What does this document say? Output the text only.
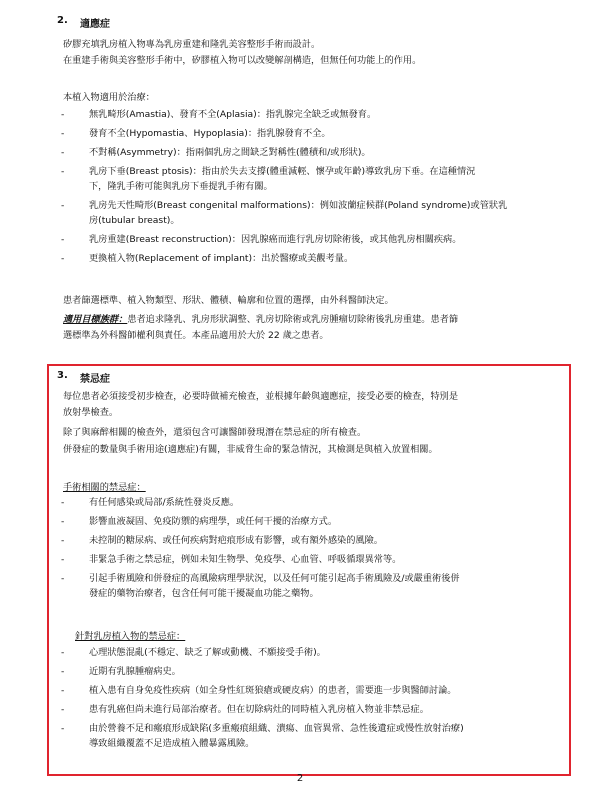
2. 適應症
矽膠充填乳房植入物專為乳房重建和隆乳美容整形手術而設計。
在重建手術與美容整形手術中，矽膠植入物可以改變解剖構造，但無任何功能上的作用。
本植入物適用於治療：
-	無乳畸形(Amastia)、發育不全(Aplasia)：指乳腺完全缺乏或無發育。
-	發育不全(Hypomastia、Hypoplasia)：指乳腺發育不全。
-	不對稱(Asymmetry)：指兩個乳房之間缺乏對稱性(體積和/或形狀)。
-	乳房下垂(Breast ptosis)：指由於失去支撐(體重減輕、懷孕或年齡)導致乳房下垂。在這種情況
下，隆乳手術可能與乳房下垂提乳手術有關。
-	乳房先天性畸形(Breast congenital malformations)：例如波蘭症候群(Poland syndrome)或管狀乳
房(tubular breast)。
-	乳房重建(Breast reconstruction)：因乳腺癌而進行乳房切除術後，或其他乳房相關疾病。
-	更換植入物(Replacement of implant)：出於醫療或美觀考量。
患者篩選標準、植入物類型、形狀、體積、輪廓和位置的選擇，由外科醫師決定。
適用目標族群：患者追求隆乳、乳房形狀調整、乳房切除術或乳房腫瘤切除術後乳房重建。患者篩
選標準為外科醫師權利與責任。本產品適用於大於 22 歲之患者。
3. 禁忌症
每位患者必須接受初步檢查，必要時做補充檢查，並根據年齡與適應症，接受必要的檢查，特別是
放射學檢查。
除了與麻醉相關的檢查外，還須包含可讓醫師發現潛在禁忌症的所有檢查。
併發症的數量與手術用途(適應症)有關，非威脅生命的緊急情況，其檢測是與植入放置相關。
手術相關的禁忌症：
-	有任何感染或局部/系統性發炎反應。
-	影響血液凝固、免疫防禦的病理學，或任何干擾的治療方式。
-	未控制的糖尿病、或任何疾病對疤痕形成有影響，或有額外感染的風險。
-	非緊急手術之禁忌症，例如未知生物學、免疫學、心血管、呼吸循環異常等。
-	引起手術風險和併發症的高風險病理學狀況，以及任何可能引起高手術風險及/或嚴重術後併
發症的藥物治療者，包含任何可能干擾凝血功能之藥物。
針對乳房植入物的禁忌症：
-	心理狀態混亂(不穩定、缺乏了解或動機、不願接受手術)。
-	近期有乳腺腫瘤病史。
-	植入患有自身免疫性疾病（如全身性紅斑狼瘡或硬皮病）的患者，需要進一步與醫師討論。
-	患有乳癌但尚未進行局部治療者。但在切除病灶的同時植入乳房植入物並非禁忌症。
-	由於營養不足和瘢痕形成缺陷(多重瘢痕組織、潰瘍、血管異常、急性後遺症或慢性放射治療)
導致組織覆蓋不足造成植入體暴露風險。
2
